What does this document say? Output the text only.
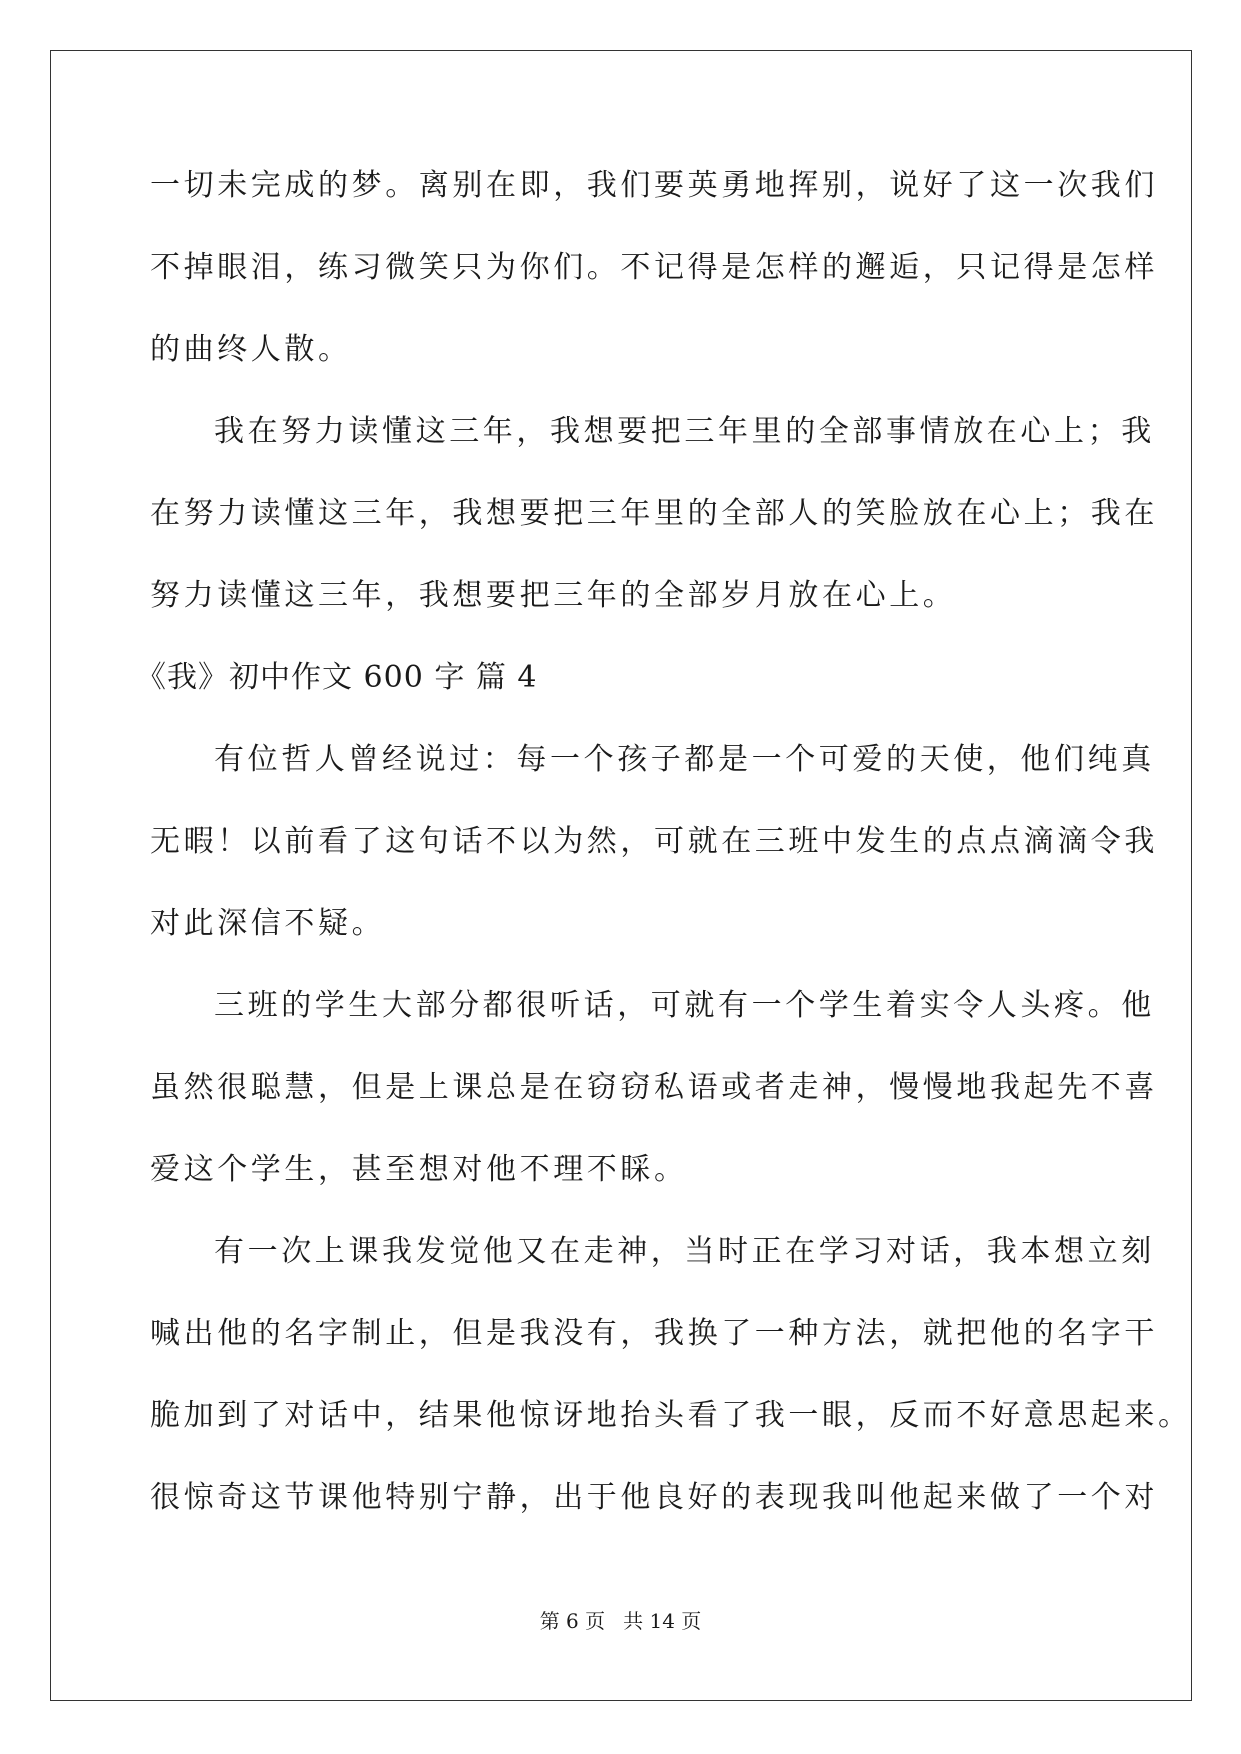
一切未完成的梦。离别在即，我们要英勇地挥别，说好了这一次我们
不掉眼泪，练习微笑只为你们。不记得是怎样的邂逅，只记得是怎样
的曲终人散。
我在努力读懂这三年，我想要把三年里的全部事情放在心上；我
在努力读懂这三年，我想要把三年里的全部人的笑脸放在心上；我在
努力读懂这三年，我想要把三年的全部岁月放在心上。
《我》初中作文 600 字 篇 4
有位哲人曾经说过：每一个孩子都是一个可爱的天使，他们纯真
无暇！以前看了这句话不以为然，可就在三班中发生的点点滴滴令我
对此深信不疑。
三班的学生大部分都很听话，可就有一个学生着实令人头疼。他
虽然很聪慧，但是上课总是在窃窃私语或者走神，慢慢地我起先不喜
爱这个学生，甚至想对他不理不睬。
有一次上课我发觉他又在走神，当时正在学习对话，我本想立刻
喊出他的名字制止，但是我没有，我换了一种方法，就把他的名字干
脆加到了对话中，结果他惊讶地抬头看了我一眼，反而不好意思起来。
很惊奇这节课他特别宁静，出于他良好的表现我叫他起来做了一个对
第 6 页 共 14 页
